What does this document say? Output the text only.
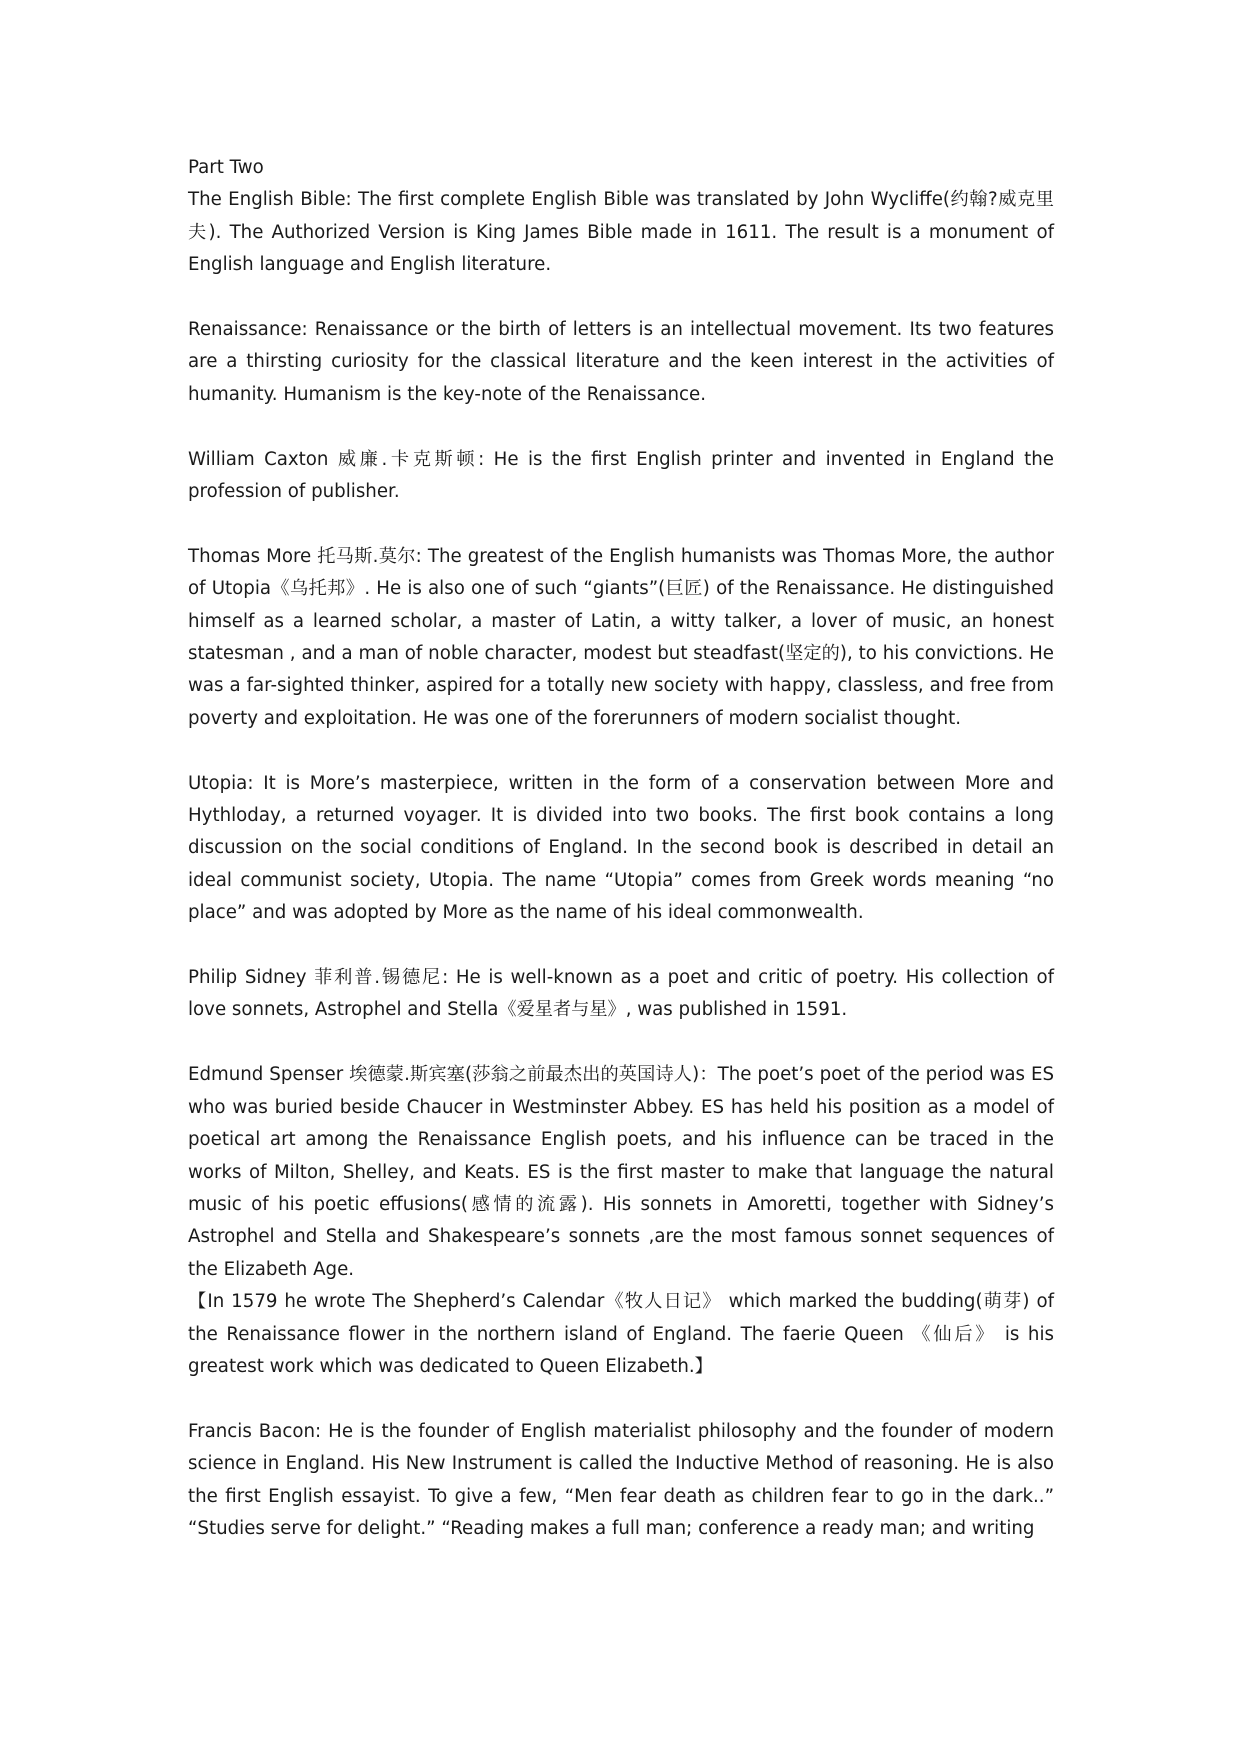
Part Two

The English Bible: The first complete English Bible was translated by John Wycliffe(约翰?威克里夫). The Authorized Version is King James Bible made in 1611. The result is a monument of English language and English literature.

Renaissance: Renaissance or the birth of letters is an intellectual movement. Its two features are a thirsting curiosity for the classical literature and the keen interest in the activities of humanity. Humanism is the key-note of the Renaissance.

William Caxton 威廉.卡克斯顿: He is the first English printer and invented in England the profession of publisher.

Thomas More 托马斯.莫尔: The greatest of the English humanists was Thomas More, the author of Utopia《乌托邦》. He is also one of such “giants”(巨匠) of the Renaissance. He distinguished himself as a learned scholar, a master of Latin, a witty talker, a lover of music, an honest statesman , and a man of noble character, modest but steadfast(坚定的), to his convictions. He was a far-sighted thinker, aspired for a totally new society with happy, classless, and free from poverty and exploitation. He was one of the forerunners of modern socialist thought.

Utopia: It is More’s masterpiece, written in the form of a conservation between More and Hythloday, a returned voyager. It is divided into two books. The first book contains a long discussion on the social conditions of England. In the second book is described in detail an ideal communist society, Utopia. The name “Utopia” comes from Greek words meaning “no place” and was adopted by More as the name of his ideal commonwealth.

Philip Sidney 菲利普.锡德尼: He is well-known as a poet and critic of poetry. His collection of love sonnets, Astrophel and Stella《爱星者与星》, was published in 1591.

Edmund Spenser 埃德蒙.斯宾塞(莎翁之前最杰出的英国诗人)：The poet’s poet of the period was ES who was buried beside Chaucer in Westminster Abbey. ES has held his position as a model of poetical art among the Renaissance English poets, and his influence can be traced in the works of Milton, Shelley, and Keats. ES is the first master to make that language the natural music of his poetic effusions(感情的流露). His sonnets in Amoretti, together with Sidney’s Astrophel and Stella and Shakespeare’s sonnets ,are the most famous sonnet sequences of the Elizabeth Age.

【In 1579 he wrote The Shepherd’s Calendar《牧人日记》 which marked the budding(萌芽) of the Renaissance flower in the northern island of England. The faerie Queen 《仙后》 is his greatest work which was dedicated to Queen Elizabeth.】

Francis Bacon: He is the founder of English materialist philosophy and the founder of modern science in England. His New Instrument is called the Inductive Method of reasoning. He is also the first English essayist. To give a few, “Men fear death as children fear to go in the dark..” “Studies serve for delight.” “Reading makes a full man; conference a ready man; and writing
